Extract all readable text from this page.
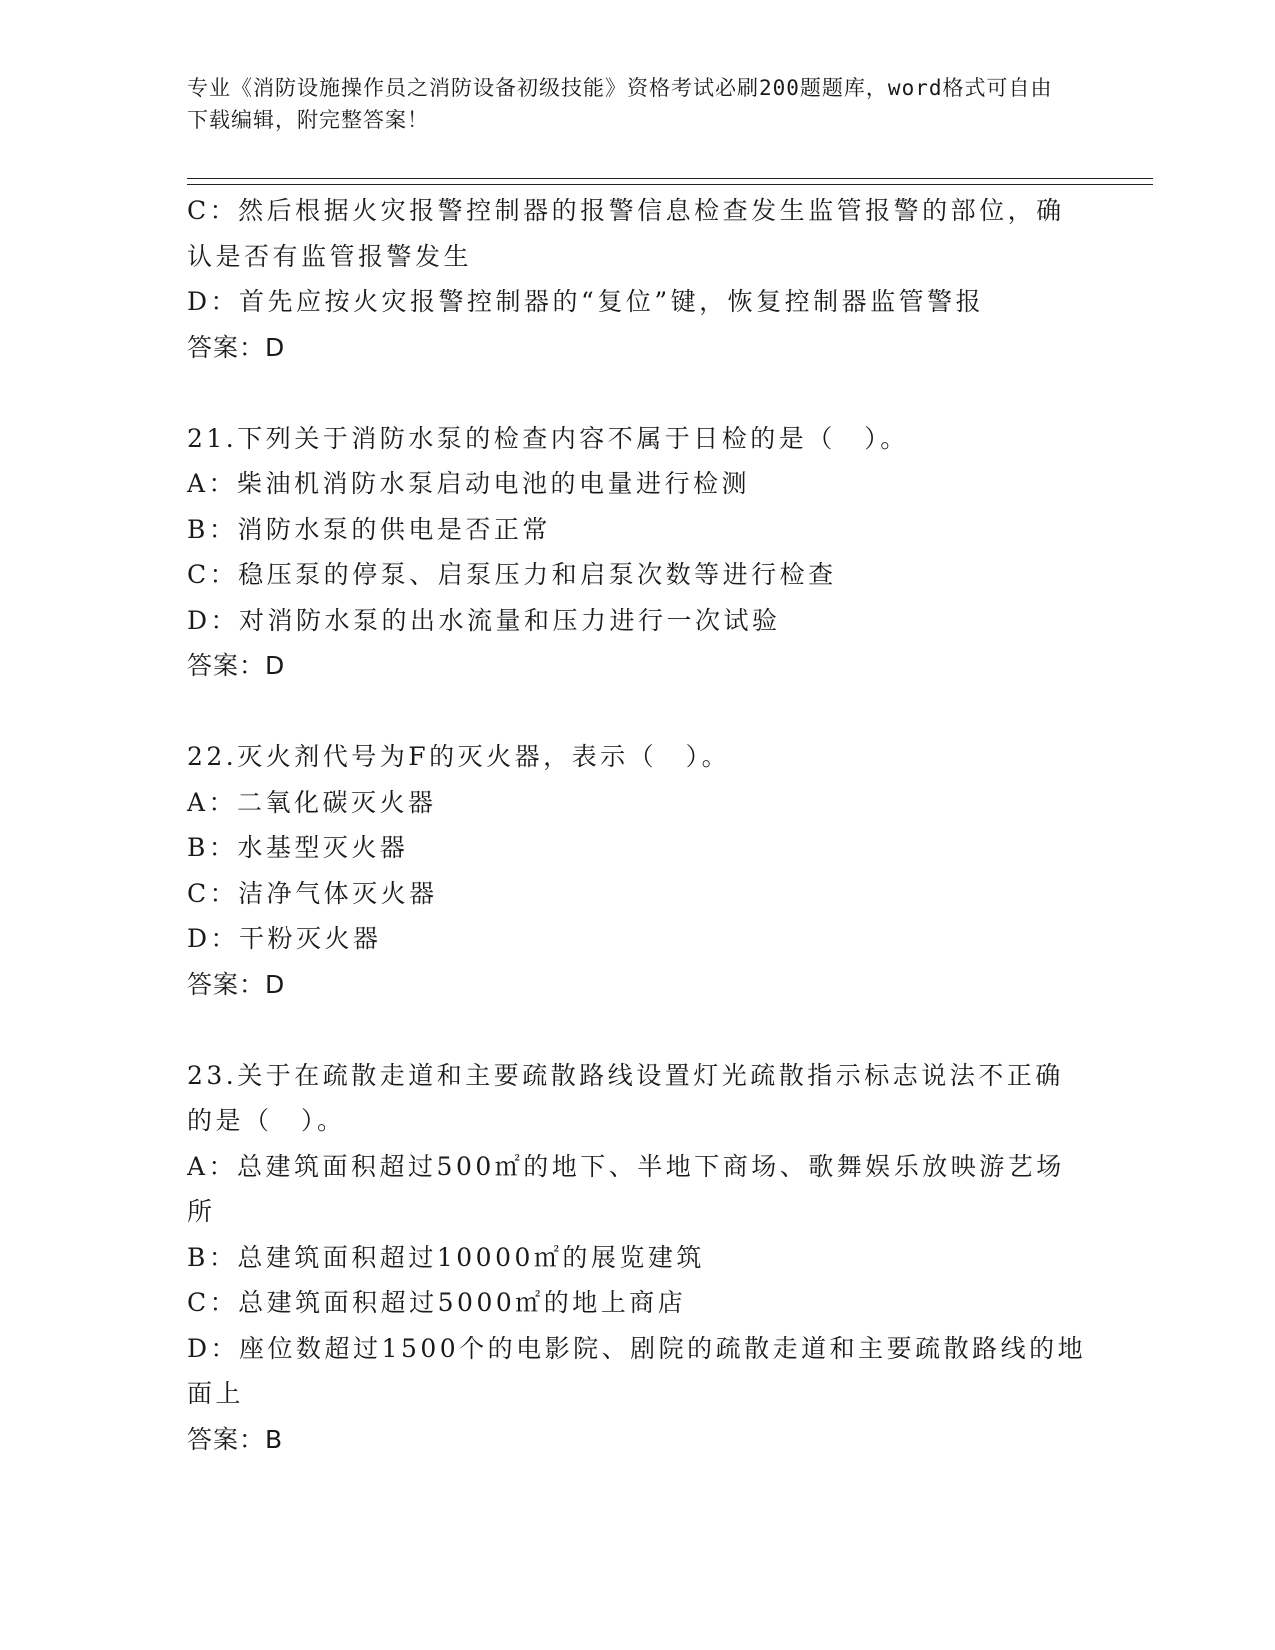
专业《消防设施操作员之消防设备初级技能》资格考试必刷200题题库，word格式可自由下载编辑，附完整答案！

C：然后根据火灾报警控制器的报警信息检查发生监管报警的部位，确认是否有监管报警发生

D：首先应按火灾报警控制器的“复位”键，恢复控制器监管警报

答案：D

21.下列关于消防水泵的检查内容不属于日检的是（　）。

A：柴油机消防水泵启动电池的电量进行检测

B：消防水泵的供电是否正常

C：稳压泵的停泵、启泵压力和启泵次数等进行检查

D：对消防水泵的出水流量和压力进行一次试验

答案：D

22.灭火剂代号为F的灭火器，表示（　）。

A：二氧化碳灭火器

B：水基型灭火器

C：洁净气体灭火器

D：干粉灭火器

答案：D

23.关于在疏散走道和主要疏散路线设置灯光疏散指示标志说法不正确的是（　）。

A：总建筑面积超过500㎡的地下、半地下商场、歌舞娱乐放映游艺场所

B：总建筑面积超过10000㎡的展览建筑

C：总建筑面积超过5000㎡的地上商店

D：座位数超过1500个的电影院、剧院的疏散走道和主要疏散路线的地面上

答案：B
